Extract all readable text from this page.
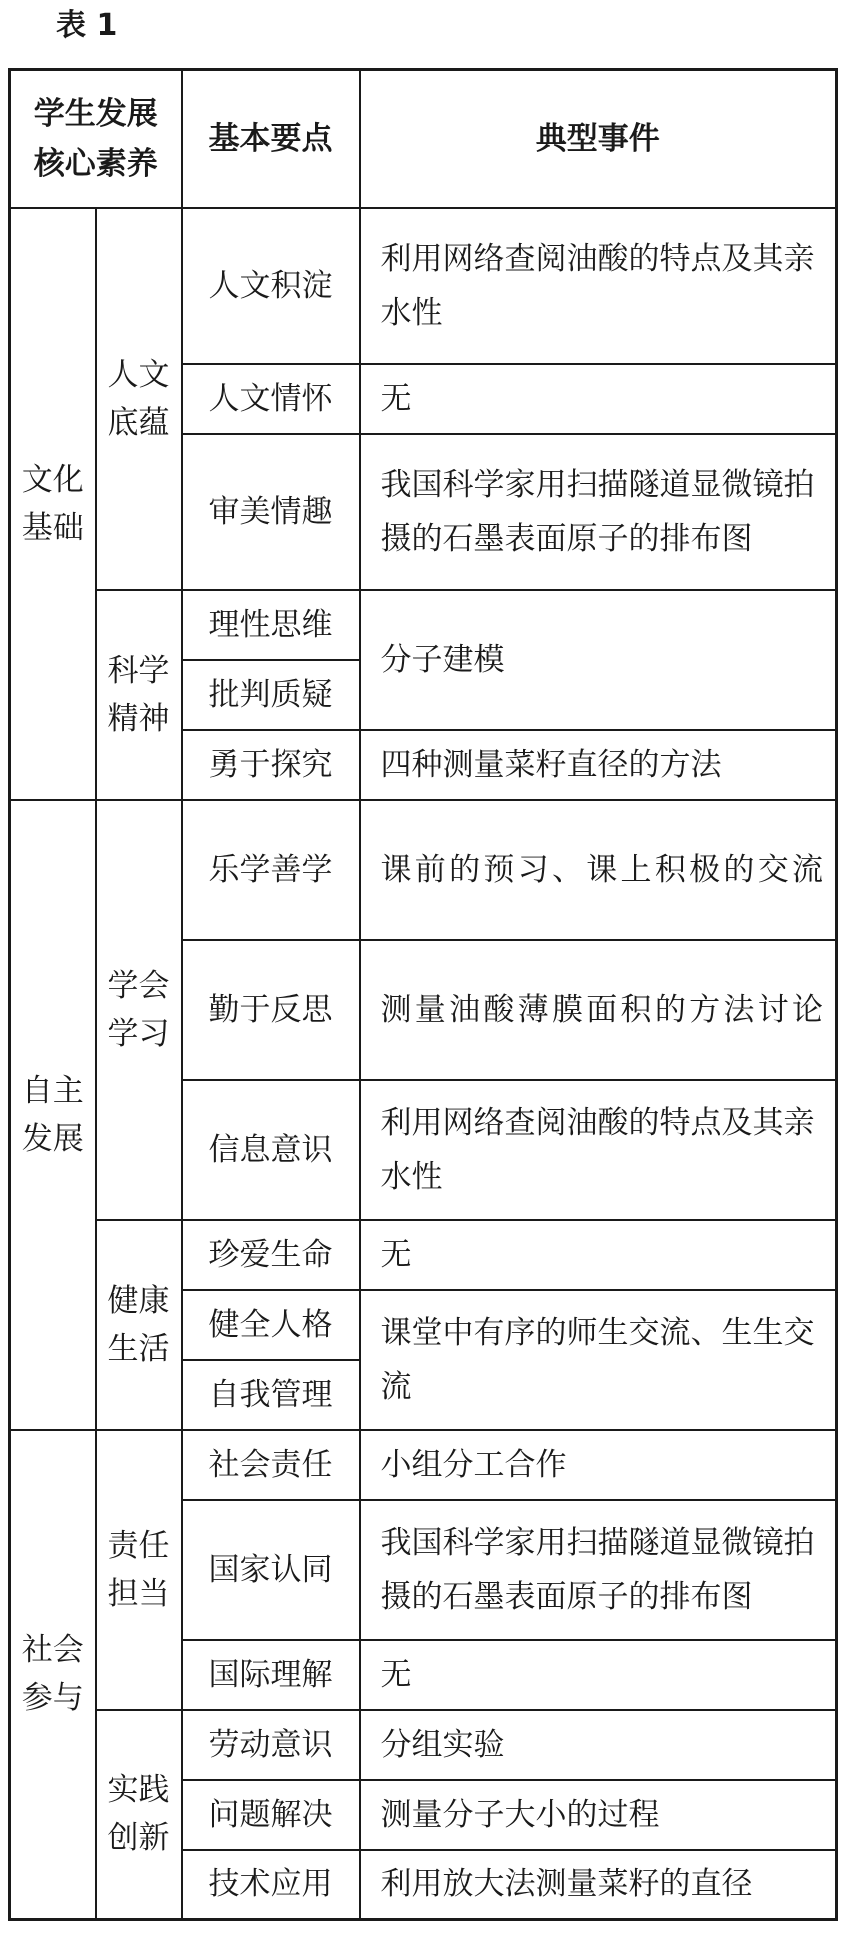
表 1
学生发展核心素养		基本要点	典型事件
文化基础	人文底蕴	人文积淀	利用网络查阅油酸的特点及其亲水性
		人文情怀	无
		审美情趣	我国科学家用扫描隧道显微镜拍摄的石墨表面原子的排布图
	科学精神	理性思维	分子建模
		批判质疑	
		勇于探究	四种测量菜籽直径的方法
自主发展	学会学习	乐学善学	课前的预习、课上积极的交流
		勤于反思	测量油酸薄膜面积的方法讨论
		信息意识	利用网络查阅油酸的特点及其亲水性
	健康生活	珍爱生命	无
		健全人格	课堂中有序的师生交流、生生交流
		自我管理	
社会参与	责任担当	社会责任	小组分工合作
		国家认同	我国科学家用扫描隧道显微镜拍摄的石墨表面原子的排布图
		国际理解	无
	实践创新	劳动意识	分组实验
		问题解决	测量分子大小的过程
		技术应用	利用放大法测量菜籽的直径
